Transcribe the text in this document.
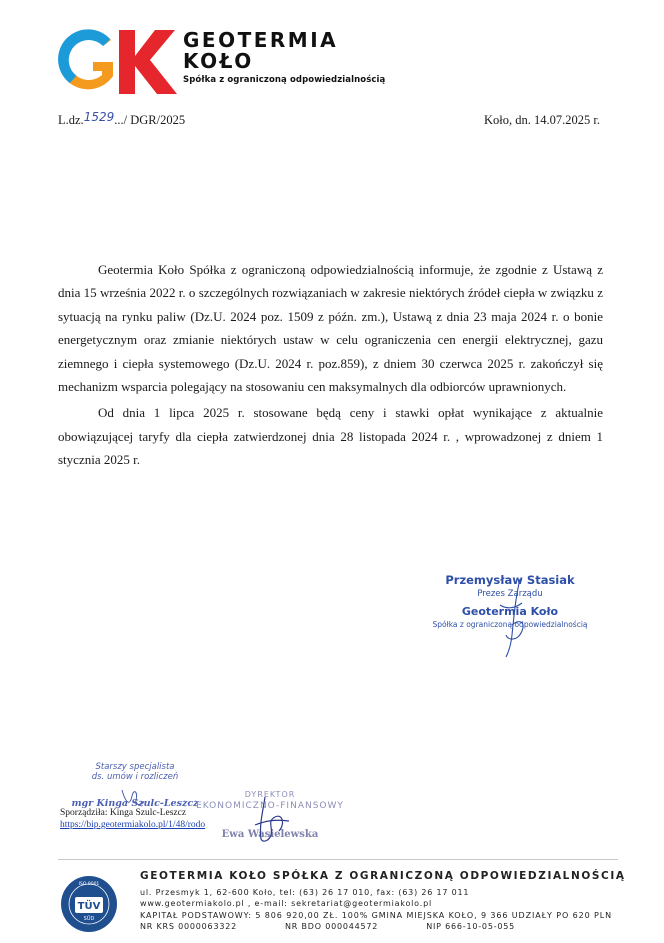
GEOTERMIA
KOŁO
Spółka z ograniczoną odpowiedzialnością
L.dz.1529.../ DGR/2025	Koło, dn. 14.07.2025 r.

Geotermia Koło Spółka z ograniczoną odpowiedzialnością informuje, że zgodnie z Ustawą z dnia 15 września 2022 r. o szczególnych rozwiązaniach w zakresie niektórych źródeł ciepła w związku z sytuacją na rynku paliw (Dz.U. 2024 poz. 1509 z późn. zm.), Ustawą z dnia 23 maja 2024 r. o bonie energetycznym oraz zmianie niektórych ustaw w celu ograniczenia cen energii elektrycznej, gazu ziemnego i ciepła systemowego (Dz.U. 2024 r. poz.859), z dniem 30 czerwca 2025 r. zakończył się mechanizm wsparcia polegający na stosowaniu cen maksymalnych dla odbiorców uprawnionych.

Od dnia 1 lipca 2025 r. stosowane będą ceny i stawki opłat wynikające z aktualnie obowiązującej taryfy dla ciepła zatwierdzonej dnia 28 listopada 2024 r. , wprowadzonej z dniem 1 stycznia 2025 r.

Przemysław Stasiak
Prezes Zarządu
Geotermia Koło
Spółka z ograniczoną odpowiedzialnością
Starszy specjalista
ds. umów i rozliczeń
mgr Kinga Szulc-Leszcz
DYREKTOR
EKONOMICZNO-FINANSOWY
Ewa Wasielewska
Sporządziła: Kinga Szulc-Leszcz
https://bip.geotermiakolo.pl/1/48/rodo
ISO 9001
TÜV
SÜD
GEOTERMIA KOŁO SPÓŁKA Z OGRANICZONĄ ODPOWIEDZIALNOŚCIĄ
ul. Przesmyk 1, 62-600 Koło, tel: (63) 26 17 010, fax: (63) 26 17 011
www.geotermiakolo.pl , e-mail: sekretariat@geotermiakolo.pl
KAPITAŁ PODSTAWOWY: 5 806 920,00 ZŁ. 100% GMINA MIEJSKA KOŁO, 9 366 UDZIAŁY PO 620 PLN
NR KRS 0000063322	NR BDO 000044572	NIP 666-10-05-055
